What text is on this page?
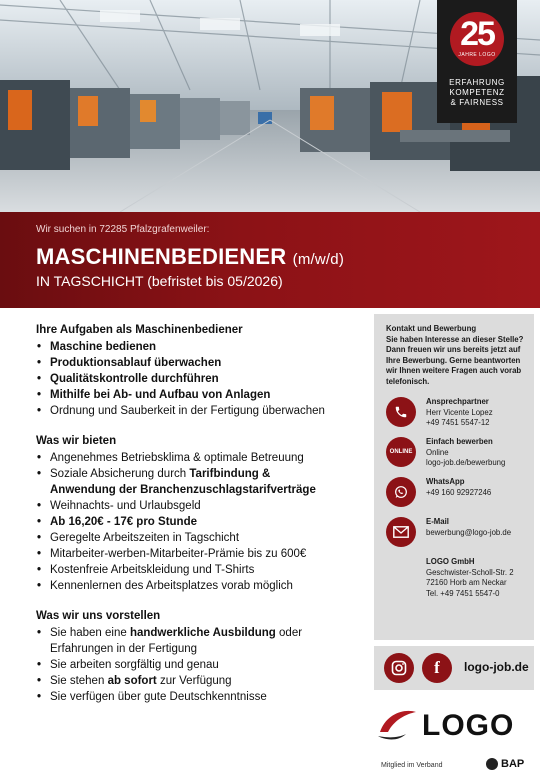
25
JAHRE LOGO
ERFAHRUNG
KOMPETENZ
& FAIRNESS
Wir suchen in 72285 Pfalzgrafenweiler:
MASCHINENBEDIENER (m/w/d)
IN TAGSCHICHT (befristet bis 05/2026)
Ihre Aufgaben als Maschinenbediener
• Maschine bedienen
• Produktionsablauf überwachen
• Qualitätskontrolle durchführen
• Mithilfe bei Ab- und Aufbau von Anlagen
• Ordnung und Sauberkeit in der Fertigung überwachen
Was wir bieten
• Angenehmes Betriebsklima & optimale Betreuung
• Soziale Absicherung durch Tarifbindung &
Anwendung der Branchenzuschlagstarifverträge
• Weihnachts- und Urlaubsgeld
• Ab 16,20€ - 17€ pro Stunde
• Geregelte Arbeitszeiten in Tagschicht
• Mitarbeiter-werben-Mitarbeiter-Prämie bis zu 600€
• Kostenfreie Arbeitskleidung und T-Shirts
• Kennenlernen des Arbeitsplatzes vorab möglich
Was wir uns vorstellen
• Sie haben eine handwerkliche Ausbildung oder
Erfahrungen in der Fertigung
• Sie arbeiten sorgfältig und genau
• Sie stehen ab sofort zur Verfügung
• Sie verfügen über gute Deutschkenntnisse
Kontakt und Bewerbung
Sie haben Interesse an dieser Stelle? Dann freuen wir uns bereits jetzt auf Ihre Bewerbung. Gerne beantworten wir Ihnen weitere Fragen auch vorab telefonisch.
Ansprechpartner
Herr Vicente Lopez
+49 7451 5547-12
ONLINE
Einfach bewerben
Online
logo-job.de/bewerbung
WhatsApp
+49 160 92927246
E-Mail
bewerbung@logo-job.de
LOGO GmbH
Geschwister-Scholl-Str. 2
72160 Horb am Neckar
Tel. +49 7451 5547-0
f	logo-job.de
LOGO
Mitglied im Verband	BAP
